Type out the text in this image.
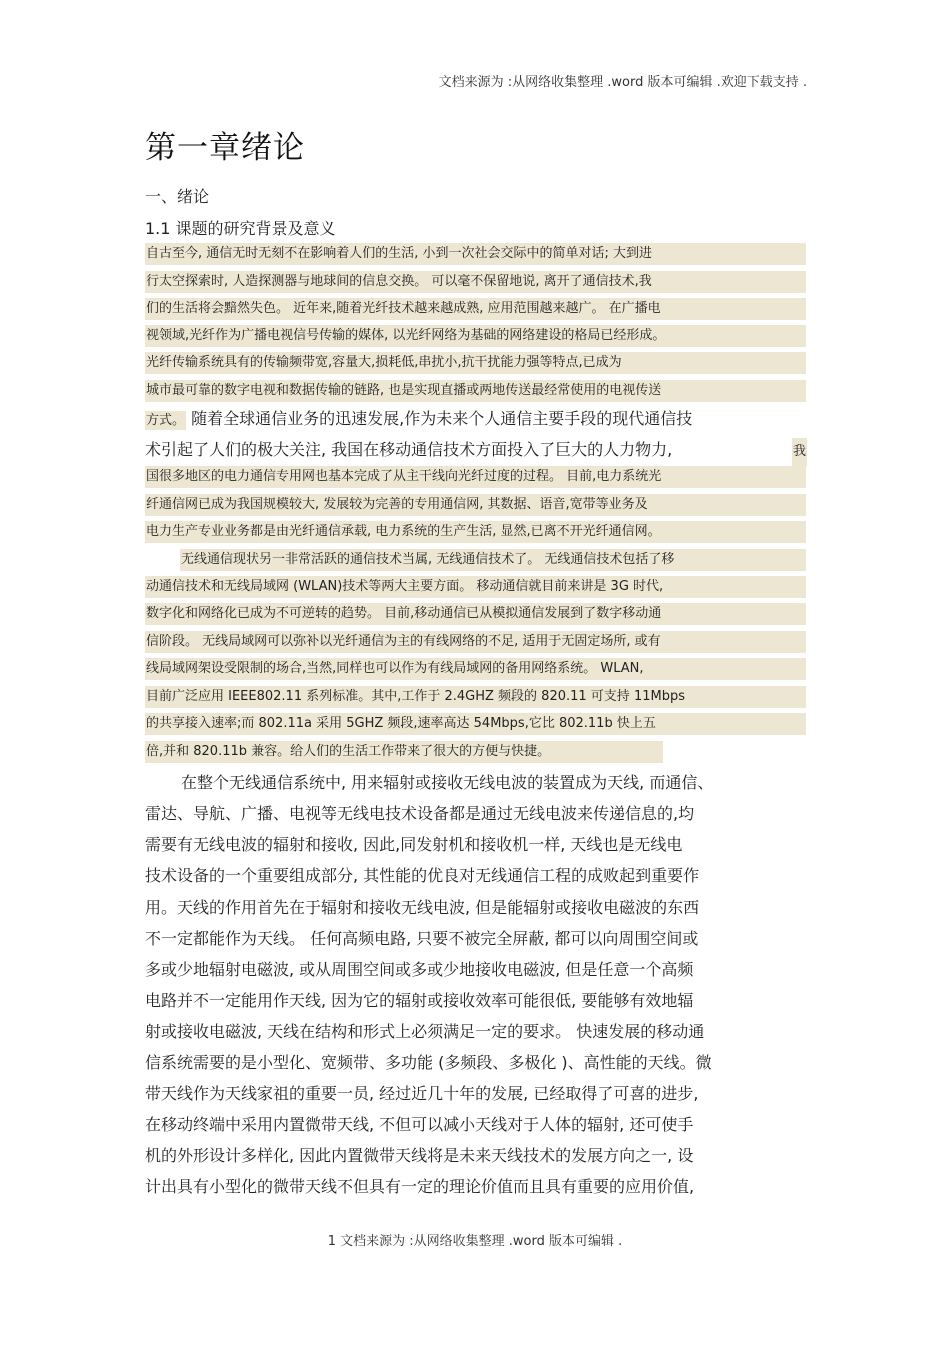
文档来源为 :从网络收集整理 .word 版本可编辑 .欢迎下载支持 .
第一章绪论
一、绪论
1.1 课题的研究背景及意义
自古至今, 通信无时无刻不在影响着人们的生活, 小到一次社会交际中的简单对话; 大到进
行太空探索时, 人造探测器与地球间的信息交换。 可以毫不保留地说, 离开了通信技术,我
们的生活将会黯然失色。 近年来,随着光纤技术越来越成熟, 应用范围越来越广。 在广播电
视领域,光纤作为广播电视信号传输的媒体, 以光纤网络为基础的网络建设的格局已经形成。
光纤传输系统具有的传输频带宽,容量大,损耗低,串扰小,抗干扰能力强等特点,已成为
城市最可靠的数字电视和数据传输的链路, 也是实现直播或两地传送最经常使用的电视传送
方式。 随着全球通信业务的迅速发展,作为未来个人通信主要手段的现代通信技
术引起了人们的极大关注, 我国在移动通信技术方面投入了巨大的人力物力,	我
国很多地区的电力通信专用网也基本完成了从主干线向光纤过度的过程。 目前,电力系统光
纤通信网已成为我国规模较大, 发展较为完善的专用通信网, 其数据、语音,宽带等业务及
电力生产专业业务都是由光纤通信承载, 电力系统的生产生活, 显然,已离不开光纤通信网。
无线通信现状另一非常活跃的通信技术当属, 无线通信技术了。 无线通信技术包括了移
动通信技术和无线局域网 (WLAN)技术等两大主要方面。 移动通信就目前来讲是 3G 时代,
数字化和网络化已成为不可逆转的趋势。 目前,移动通信已从模拟通信发展到了数字移动通
信阶段。 无线局域网可以弥补以光纤通信为主的有线网络的不足, 适用于无固定场所, 或有
线局域网架设受限制的场合,当然,同样也可以作为有线局域网的备用网络系统。 WLAN,
目前广泛应用 IEEE802.11 系列标准。其中,工作于 2.4GHZ 频段的 820.11 可支持 11Mbps
的共享接入速率;而 802.11a 采用 5GHZ 频段,速率高达 54Mbps,它比 802.11b 快上五
倍,并和 820.11b 兼容。给人们的生活工作带来了很大的方便与快捷。
在整个无线通信系统中, 用来辐射或接收无线电波的装置成为天线, 而通信、
雷达、导航、广播、电视等无线电技术设备都是通过无线电波来传递信息的,均
需要有无线电波的辐射和接收, 因此,同发射机和接收机一样, 天线也是无线电
技术设备的一个重要组成部分, 其性能的优良对无线通信工程的成败起到重要作
用。天线的作用首先在于辐射和接收无线电波, 但是能辐射或接收电磁波的东西
不一定都能作为天线。 任何高频电路, 只要不被完全屏蔽, 都可以向周围空间或
多或少地辐射电磁波, 或从周围空间或多或少地接收电磁波, 但是任意一个高频
电路并不一定能用作天线, 因为它的辐射或接收效率可能很低, 要能够有效地辐
射或接收电磁波, 天线在结构和形式上必须满足一定的要求。 快速发展的移动通
信系统需要的是小型化、宽频带、多功能 (多频段、多极化 )、高性能的天线。微
带天线作为天线家祖的重要一员, 经过近几十年的发展, 已经取得了可喜的进步,
在移动终端中采用内置微带天线, 不但可以减小天线对于人体的辐射, 还可使手
机的外形设计多样化, 因此内置微带天线将是未来天线技术的发展方向之一, 设
计出具有小型化的微带天线不但具有一定的理论价值而且具有重要的应用价值,
1 文档来源为 :从网络收集整理 .word 版本可编辑 .
